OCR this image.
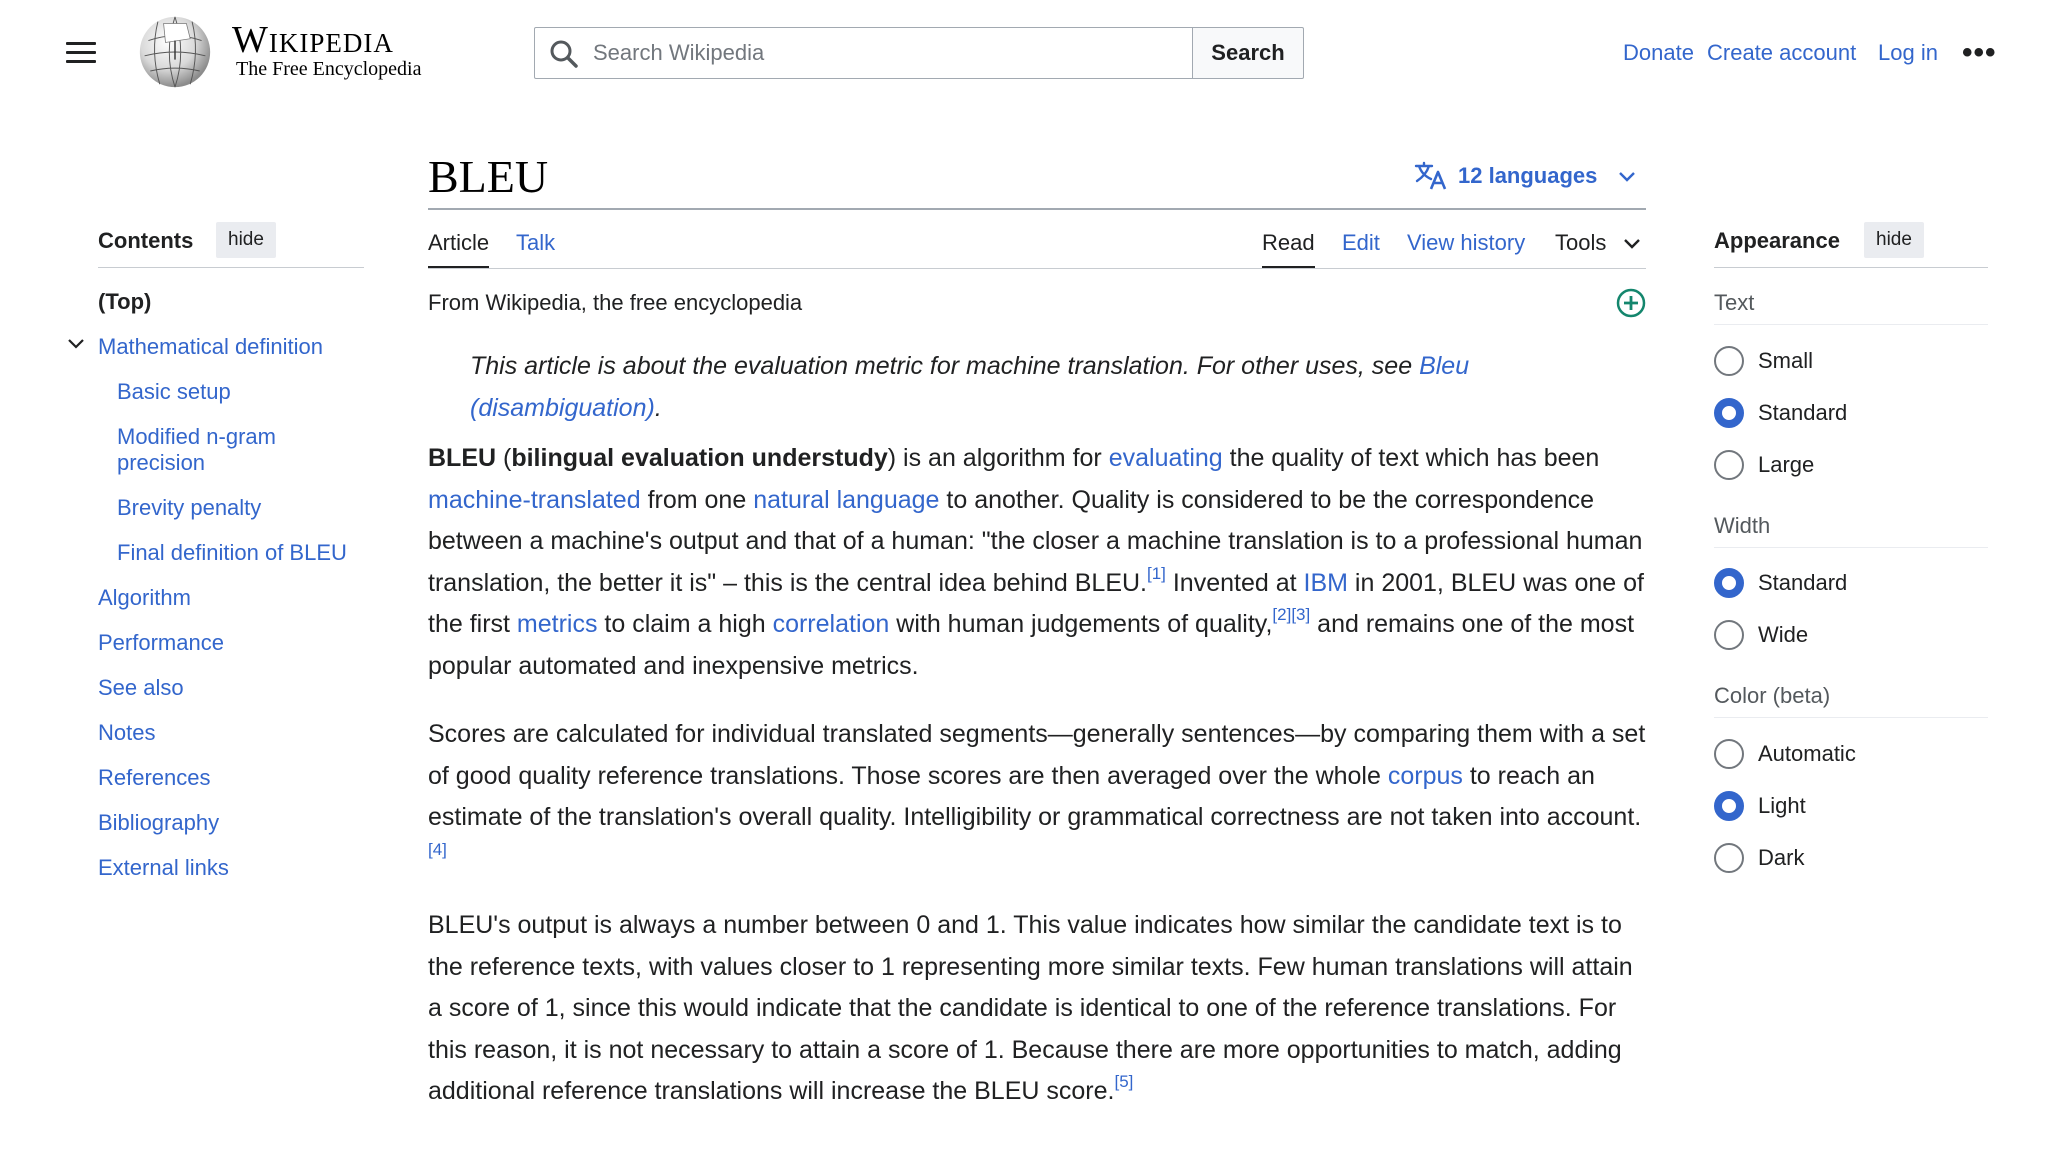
Wikipedia
The Free Encyclopedia
Search Wikipedia
Search	Donate Create account Log in •••
BLEU	12 languages
Article Talk	Read Edit View history Tools
From Wikipedia, the free encyclopedia
This article is about the evaluation metric for machine translation. For other uses, see Bleu (disambiguation).

BLEU (bilingual evaluation understudy) is an algorithm for evaluating the quality of text which has been machine-translated from one natural language to another. Quality is considered to be the correspondence between a machine's output and that of a human: "the closer a machine translation is to a professional human translation, the better it is" – this is the central idea behind BLEU.[1] Invented at IBM in 2001, BLEU was one of the first metrics to claim a high correlation with human judgements of quality,[2][3] and remains one of the most popular automated and inexpensive metrics.

Scores are calculated for individual translated segments—generally sentences—by comparing them with a set of good quality reference translations. Those scores are then averaged over the whole corpus to reach an estimate of the translation's overall quality. Intelligibility or grammatical correctness are not taken into account.[4]

BLEU's output is always a number between 0 and 1. This value indicates how similar the candidate text is to the reference texts, with values closer to 1 representing more similar texts. Few human translations will attain a score of 1, since this would indicate that the candidate is identical to one of the reference translations. For this reason, it is not necessary to attain a score of 1. Because there are more opportunities to match, adding additional reference translations will increase the BLEU score.[5]

Contents	hide
(Top)
Mathematical definition
Basic setup
Modified n-gram precision
Brevity penalty
Final definition of BLEU
Algorithm
Performance
See also
Notes
References
Bibliography
External links
Appearance	hide
Text
Small
Standard
Large
Width
Standard
Wide
Color (beta)
Automatic
Light
Dark
